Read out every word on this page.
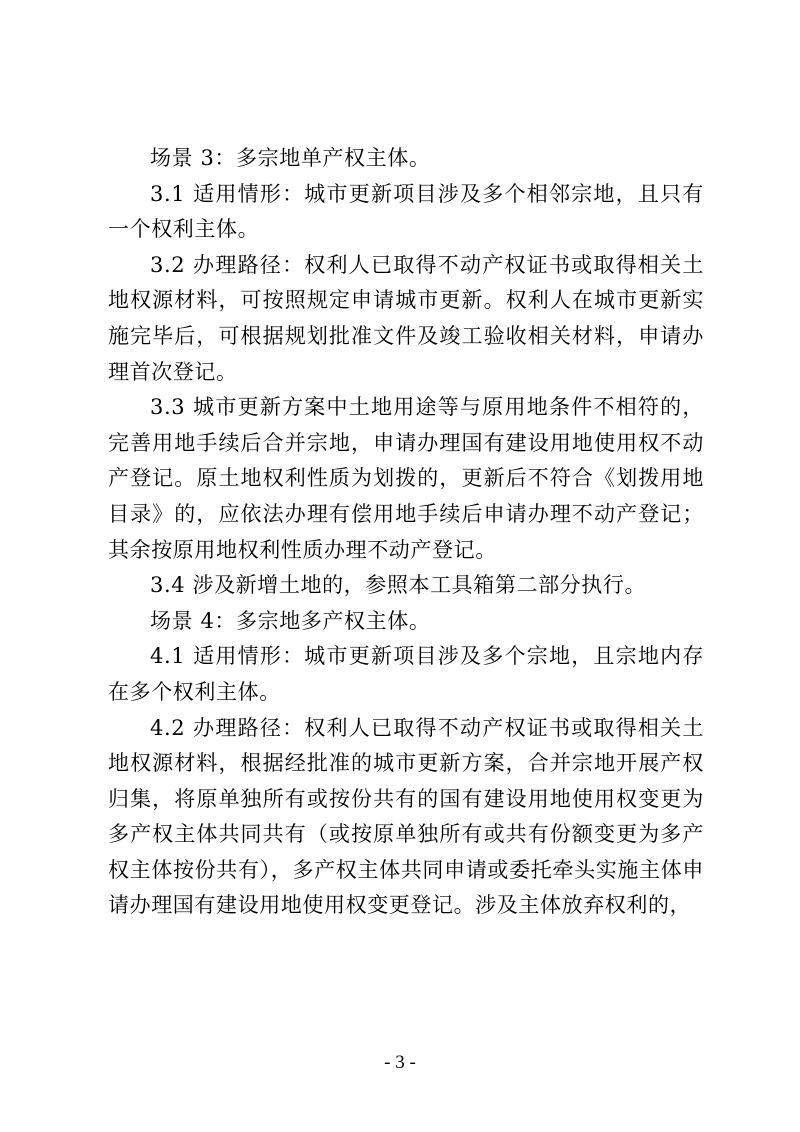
场景 3：多宗地单产权主体。

3.1 适用情形：城市更新项目涉及多个相邻宗地，且只有一个权利主体。

3.2 办理路径：权利人已取得不动产权证书或取得相关土地权源材料，可按照规定申请城市更新。权利人在城市更新实施完毕后，可根据规划批准文件及竣工验收相关材料，申请办理首次登记。

3.3 城市更新方案中土地用途等与原用地条件不相符的，完善用地手续后合并宗地，申请办理国有建设用地使用权不动产登记。原土地权利性质为划拨的，更新后不符合《划拨用地目录》的，应依法办理有偿用地手续后申请办理不动产登记；其余按原用地权利性质办理不动产登记。

3.4 涉及新增土地的，参照本工具箱第二部分执行。

场景 4：多宗地多产权主体。

4.1 适用情形：城市更新项目涉及多个宗地，且宗地内存在多个权利主体。

4.2 办理路径：权利人已取得不动产权证书或取得相关土地权源材料，根据经批准的城市更新方案，合并宗地开展产权归集，将原单独所有或按份共有的国有建设用地使用权变更为多产权主体共同共有（或按原单独所有或共有份额变更为多产权主体按份共有），多产权主体共同申请或委托牵头实施主体申请办理国有建设用地使用权变更登记。涉及主体放弃权利的，

- 3 -
